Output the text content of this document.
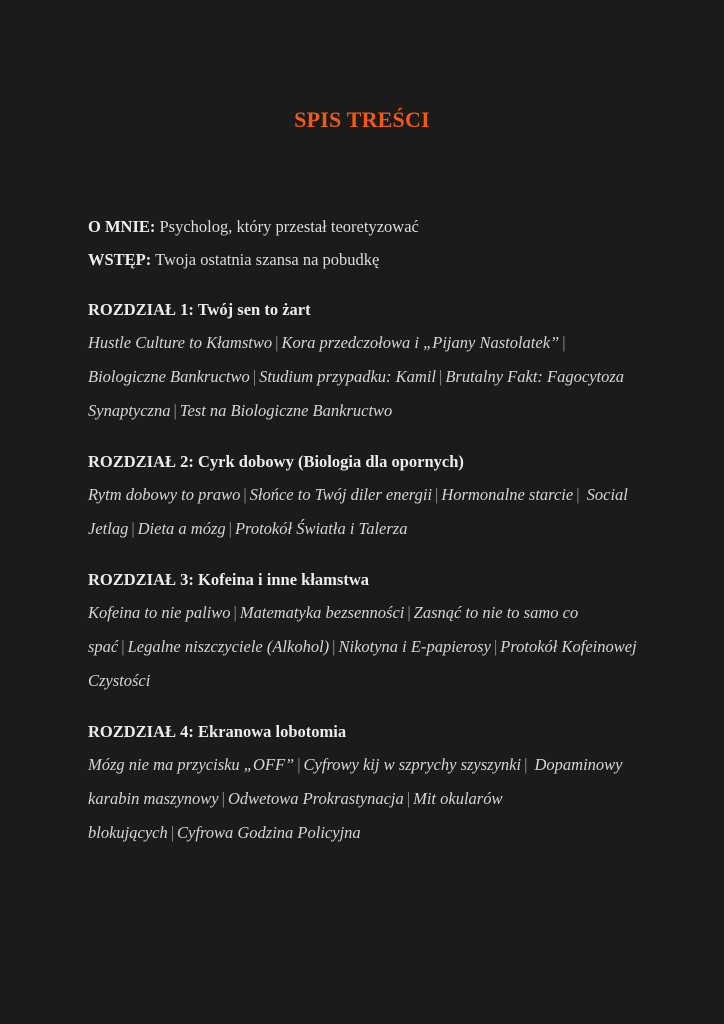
SPIS TREŚCI
O MNIE: Psycholog, który przestał teoretyzować
WSTĘP: Twoja ostatnia szansa na pobudkę
ROZDZIAŁ 1: Twój sen to żart
Hustle Culture to Kłamstwo | Kora przedczołowa i „Pijany Nastolatek” | Biologiczne Bankructwo | Studium przypadku: Kamil | Brutalny Fakt: Fagocytoza Synaptyczna | Test na Biologiczne Bankructwo
ROZDZIAŁ 2: Cyrk dobowy (Biologia dla opornych)
Rytm dobowy to prawo | Słońce to Twój diler energii | Hormonalne starcie | Social Jetlag | Dieta a mózg | Protokół Światła i Talerza
ROZDZIAŁ 3: Kofeina i inne kłamstwa
Kofeina to nie paliwo | Matematyka bezsenności | Zasnąć to nie to samo co spać | Legalne niszczyciele (Alkohol) | Nikotyna i E-papierosy | Protokół Kofeinowej Czystości
ROZDZIAŁ 4: Ekranowa lobotomia
Mózg nie ma przycisku „OFF” | Cyfrowy kij w szprychy szyszynki | Dopaminowy karabin maszynowy | Odwetowa Prokrastynacja | Mit okularów blokujących | Cyfrowa Godzina Policyjna
